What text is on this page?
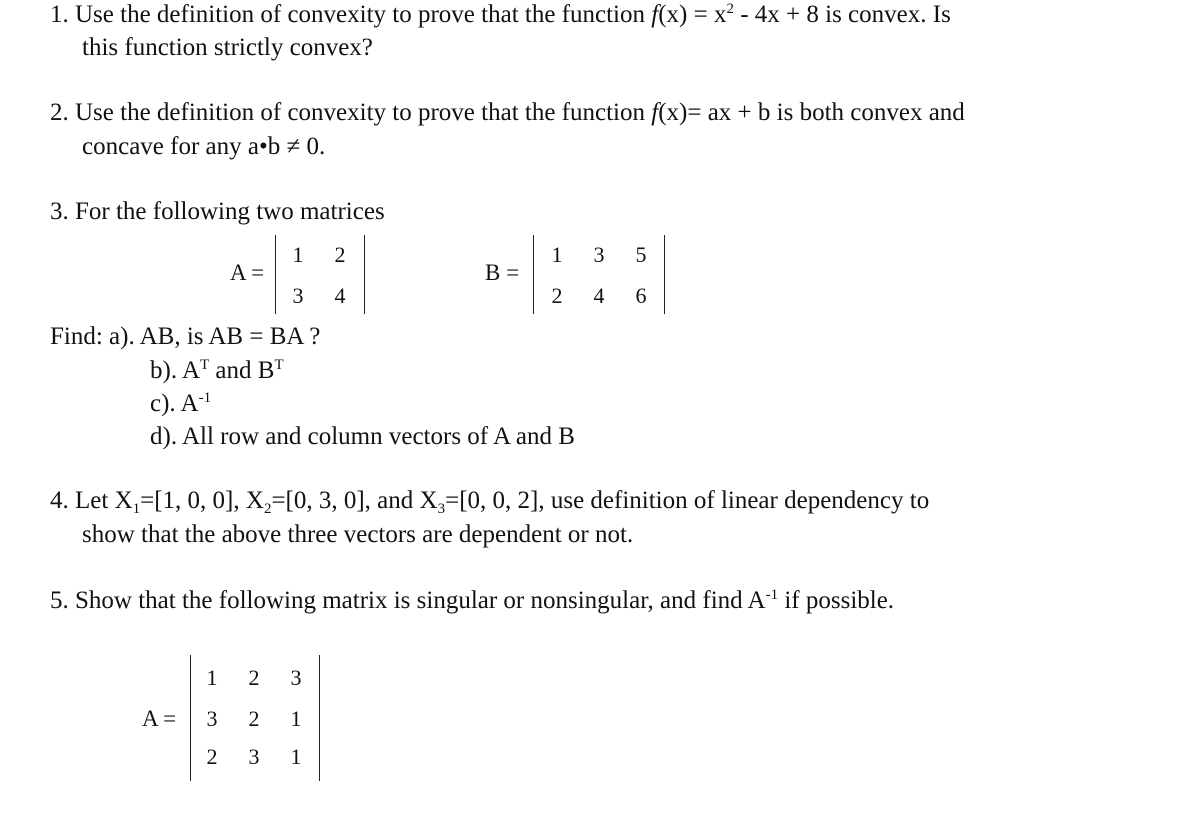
1. Use the definition of convexity to prove that the function $f(x) = x^2 - 4x + 8$ is convex. Is
this function strictly convex?
2. Use the definition of convexity to prove that the function f(x)= ax + b is both convex and
concave for any a•b ≠ 0.
3. For the following two matrices
A =
1 2
3 4
B =
1 3 5
2 4 6
Find: a). AB, is AB = BA ?
b). $A^T$ and $B^T$
c). $A^{-1}$
d). All row and column vectors of A and B
4. Let $X_1=[1$, 0, 0], $X_2=[0$, 3, 0], and $X_3=[0$, 0, 2], use definition of linear dependency to
show that the above three vectors are dependent or not.
5. Show that the following matrix is singular or nonsingular, and find $A^{-1}$ if possible.
A =
1 2 3
3 2 1
2 3 1
